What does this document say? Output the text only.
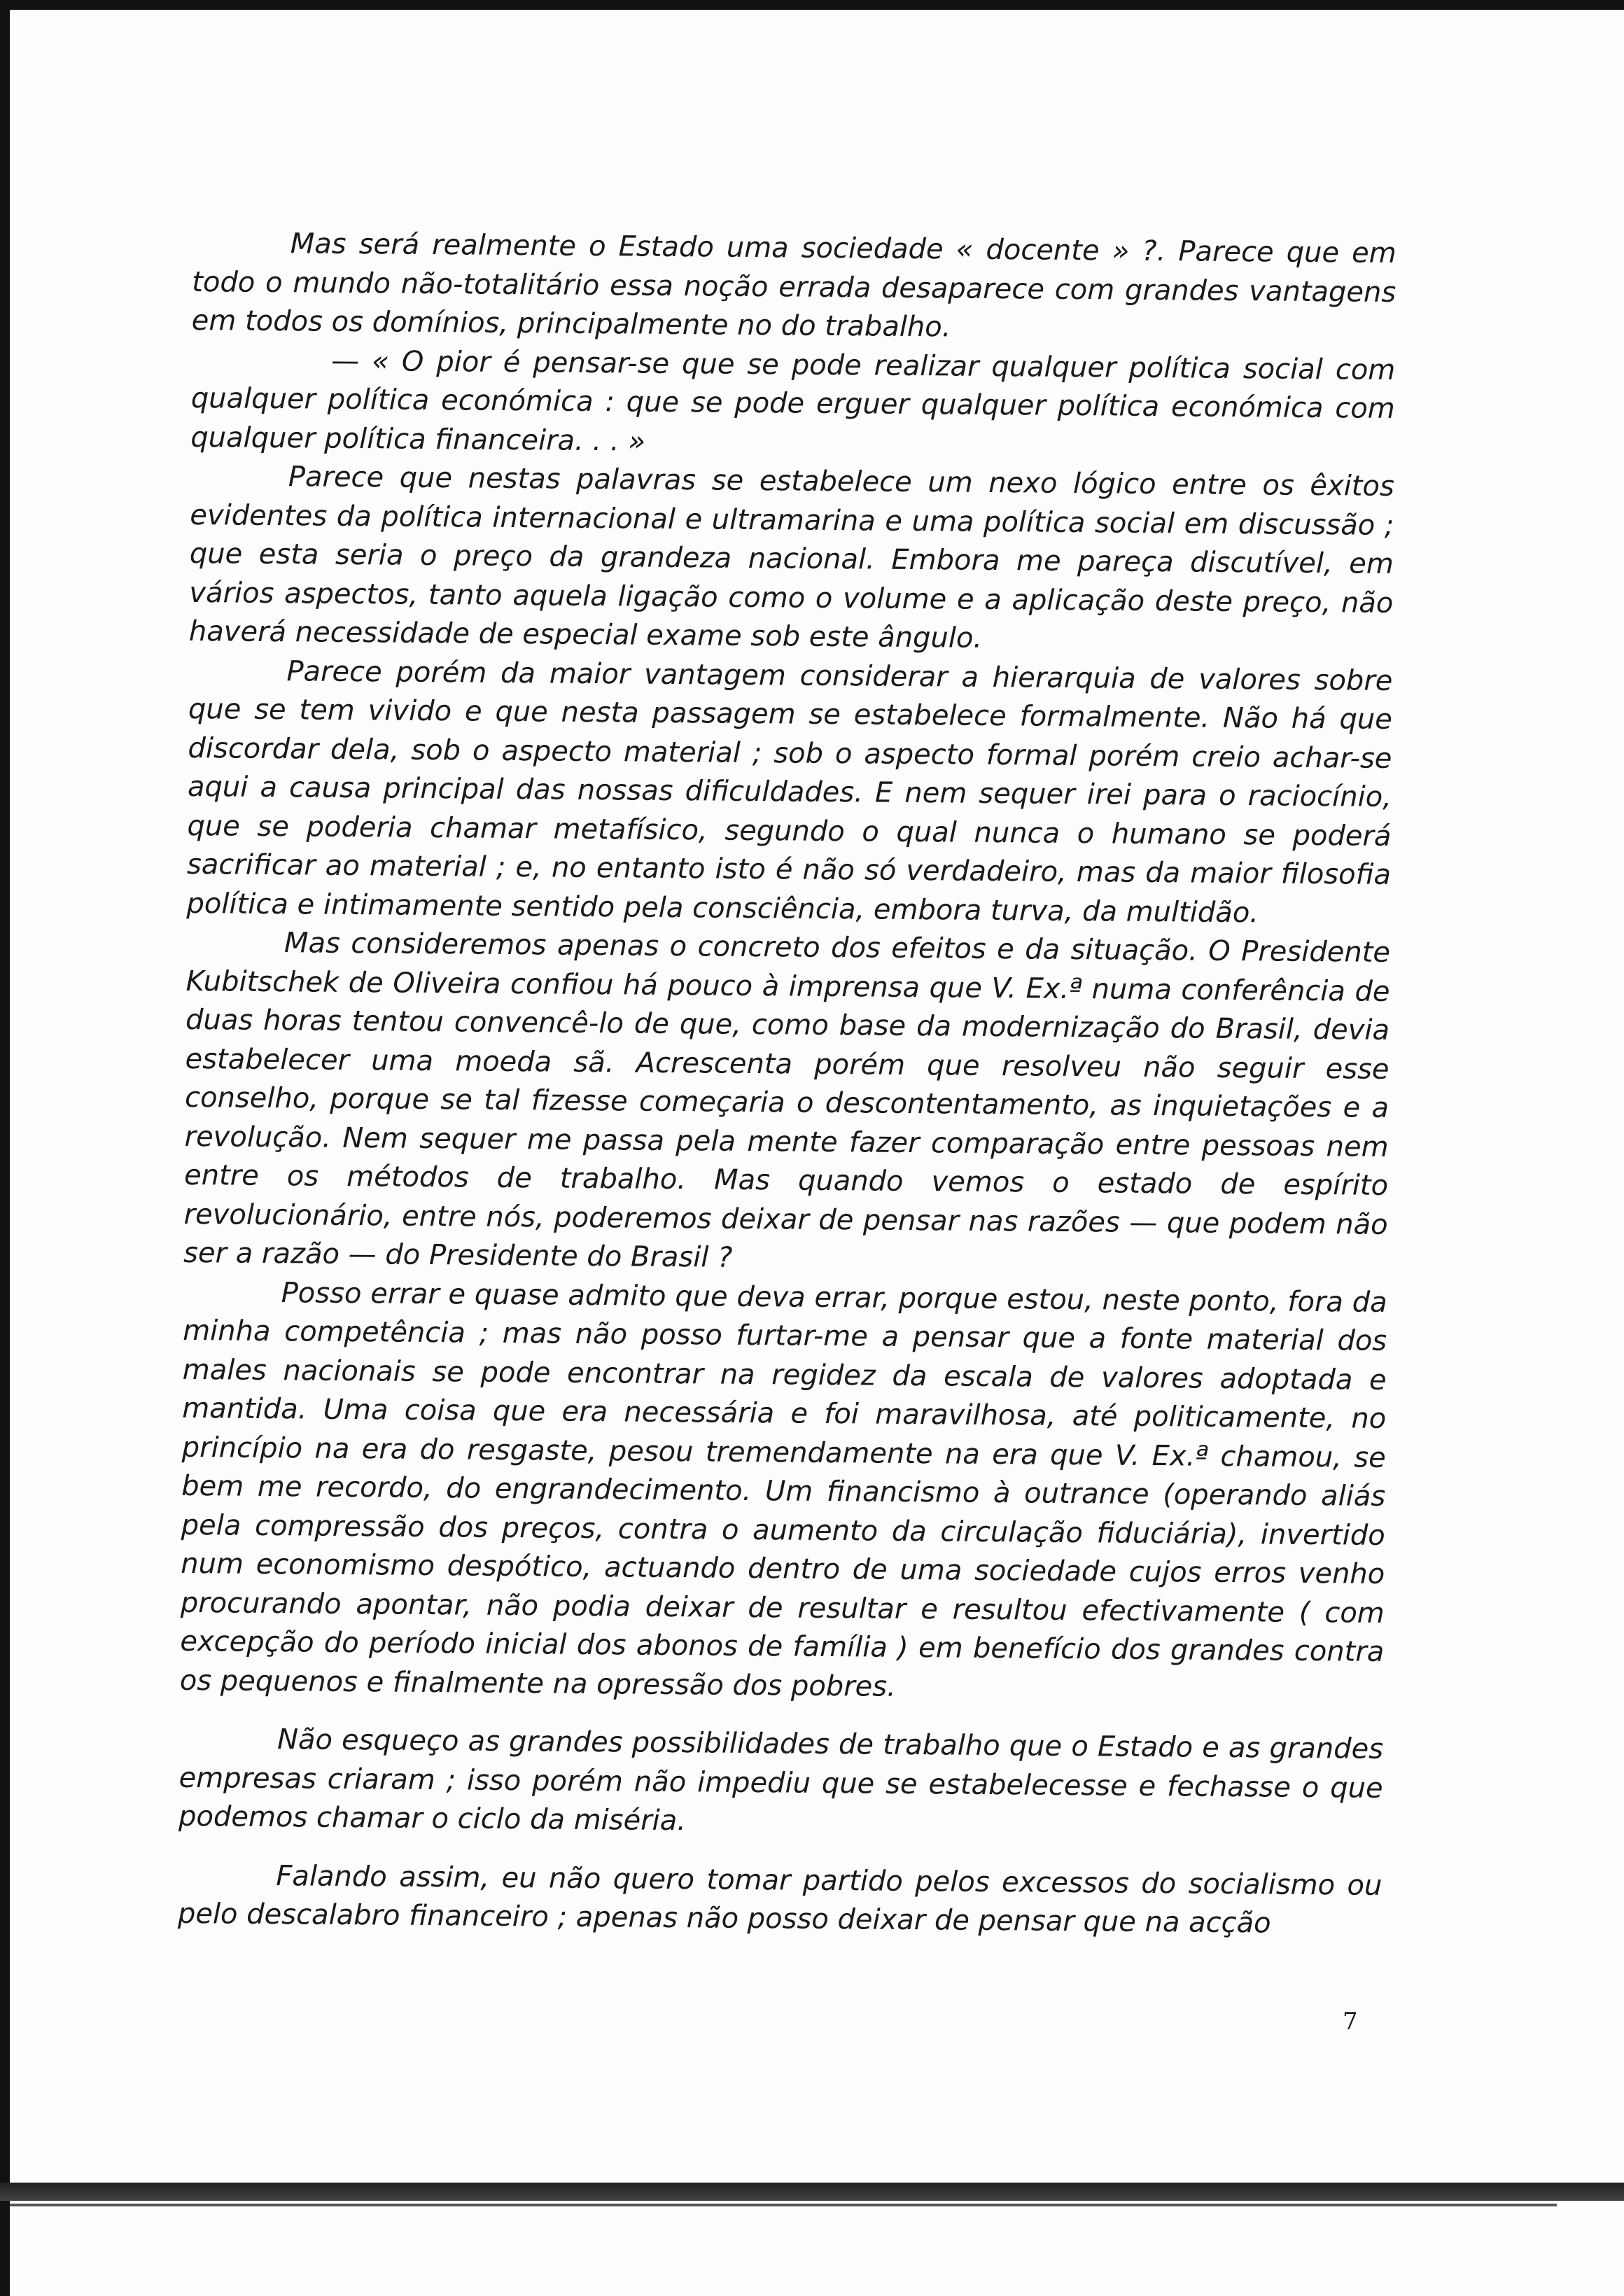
Mas será realmente o Estado uma sociedade « docente » ?. Parece que em todo o mundo não-totalitário essa noção errada desaparece com grandes vantagens em todos os domínios, principalmente no do trabalho.

— « O pior é pensar-se que se pode realizar qualquer política social com qualquer política económica : que se pode erguer qualquer política económica com qualquer política financeira. . . »

Parece que nestas palavras se estabelece um nexo lógico entre os êxitos evidentes da política internacional e ultramarina e uma política social em discussão ; que esta seria o preço da grandeza nacional. Embora me pareça discutível, em vários aspectos, tanto aquela ligação como o volume e a aplicação deste preço, não haverá necessidade de especial exame sob este ângulo.

Parece porém da maior vantagem considerar a hierarquia de valores sobre que se tem vivido e que nesta passagem se estabelece formalmente. Não há que discordar dela, sob o aspecto material ; sob o aspecto formal porém creio achar-se aqui a causa principal das nossas dificuldades. E nem sequer irei para o raciocínio, que se poderia chamar metafísico, segundo o qual nunca o humano se poderá sacrificar ao material ; e, no entanto isto é não só verdadeiro, mas da maior filosofia política e intimamente sentido pela consciência, embora turva, da multidão.

Mas consideremos apenas o concreto dos efeitos e da situação. O Presidente Kubitschek de Oliveira confiou há pouco à imprensa que V. Ex.ª numa conferência de duas horas tentou convencê-lo de que, como base da modernização do Brasil, devia estabelecer uma moeda sã. Acrescenta porém que resolveu não seguir esse conselho, porque se tal fizesse começaria o descontentamento, as inquietações e a revolução. Nem sequer me passa pela mente fazer comparação entre pessoas nem entre os métodos de trabalho. Mas quando vemos o estado de espírito revolucionário, entre nós, poderemos deixar de pensar nas razões — que podem não ser a razão — do Presidente do Brasil ?

Posso errar e quase admito que deva errar, porque estou, neste ponto, fora da minha competência ; mas não posso furtar-me a pensar que a fonte material dos males nacionais se pode encontrar na regidez da escala de valores adoptada e mantida. Uma coisa que era necessária e foi maravilhosa, até politicamente, no princípio na era do resgaste, pesou tremendamente na era que V. Ex.ª chamou, se bem me recordo, do engrandecimento. Um financismo à outrance (operando aliás pela compressão dos preços, contra o aumento da circulação fiduciária), invertido num economismo despótico, actuando dentro de uma sociedade cujos erros venho procurando apontar, não podia deixar de resultar e resultou efectivamente ( com excepção do período inicial dos abonos de família ) em benefício dos grandes contra os pequenos e finalmente na opressão dos pobres.

Não esqueço as grandes possibilidades de trabalho que o Estado e as grandes empresas criaram ; isso porém não impediu que se estabelecesse e fechasse o que podemos chamar o ciclo da miséria.

Falando assim, eu não quero tomar partido pelos excessos do socialismo ou pelo descalabro financeiro ; apenas não posso deixar de pensar que na acção

7
